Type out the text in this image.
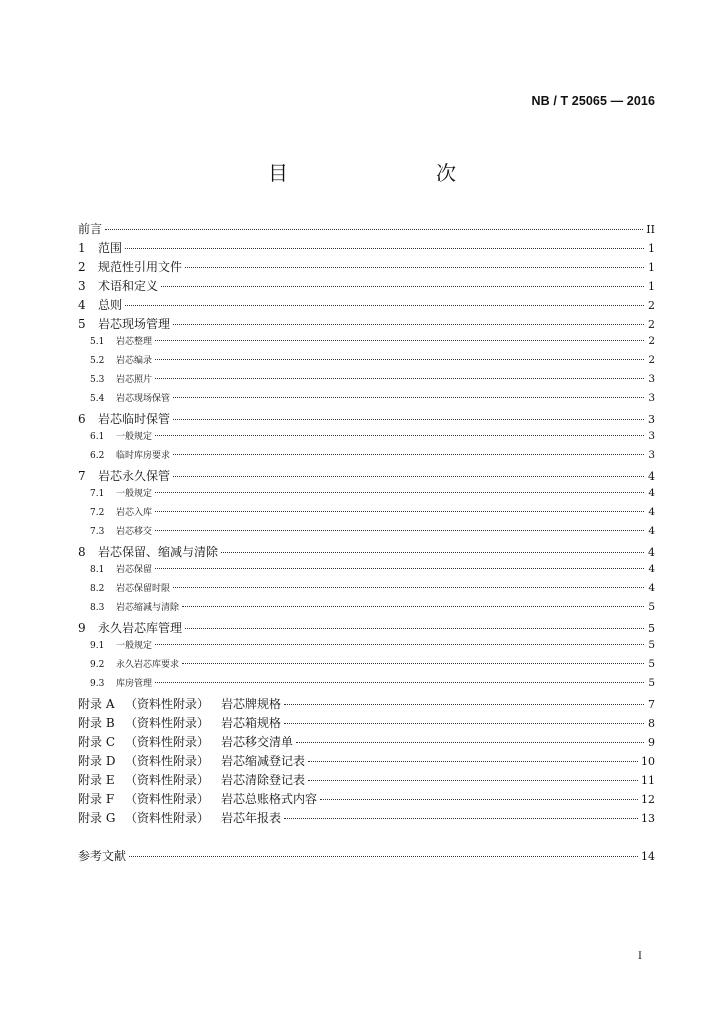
NB / T 25065 — 2016
目　　次
前言	II
1 范围	1
2 规范性引用文件	1
3 术语和定义	1
4 总则	2
5 岩芯现场管理	2
5.1 岩芯整理	2
5.2 岩芯编录	2
5.3 岩芯照片	3
5.4 岩芯现场保管	3
6 岩芯临时保管	3
6.1 一般规定	3
6.2 临时库房要求	3
7 岩芯永久保管	4
7.1 一般规定	4
7.2 岩芯入库	4
7.3 岩芯移交	4
8 岩芯保留、缩减与清除	4
8.1 岩芯保留	4
8.2 岩芯保留时限	4
8.3 岩芯缩减与清除	5
9 永久岩芯库管理	5
9.1 一般规定	5
9.2 永久岩芯库要求	5
9.3 库房管理	5
附录 A （资料性附录） 岩芯牌规格	7
附录 B （资料性附录） 岩芯箱规格	8
附录 C （资料性附录） 岩芯移交清单	9
附录 D （资料性附录） 岩芯缩减登记表	10
附录 E （资料性附录） 岩芯清除登记表	11
附录 F （资料性附录） 岩芯总账格式内容	12
附录 G （资料性附录） 岩芯年报表	13
参考文献	14
I
